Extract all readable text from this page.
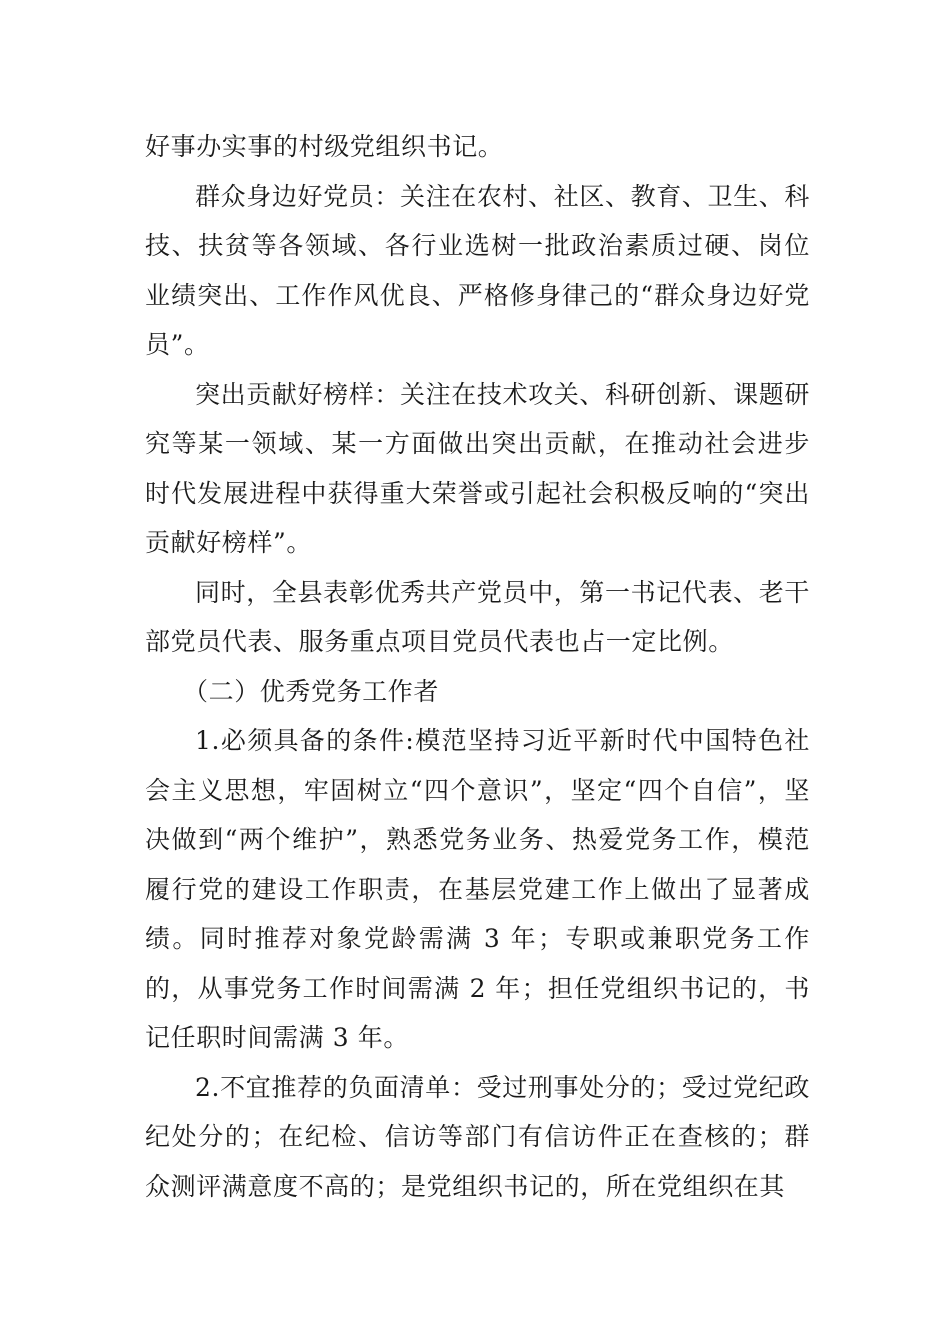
好事办实事的村级党组织书记。

群众身边好党员：关注在农村、社区、教育、卫生、科技、扶贫等各领域、各行业选树一批政治素质过硬、岗位业绩突出、工作作风优良、严格修身律己的“群众身边好党员”。

突出贡献好榜样：关注在技术攻关、科研创新、课题研究等某一领域、某一方面做出突出贡献，在推动社会进步时代发展进程中获得重大荣誉或引起社会积极反响的“突出贡献好榜样”。

同时，全县表彰优秀共产党员中，第一书记代表、老干部党员代表、服务重点项目党员代表也占一定比例。

（二）优秀党务工作者

1.必须具备的条件:模范坚持习近平新时代中国特色社会主义思想，牢固树立“四个意识”，坚定“四个自信”，坚决做到“两个维护”，熟悉党务业务、热爱党务工作，模范履行党的建设工作职责，在基层党建工作上做出了显著成绩。同时推荐对象党龄需满 3 年；专职或兼职党务工作的，从事党务工作时间需满 2 年；担任党组织书记的，书记任职时间需满 3 年。

2.不宜推荐的负面清单：受过刑事处分的；受过党纪政纪处分的；在纪检、信访等部门有信访件正在查核的；群众测评满意度不高的；是党组织书记的，所在党组织在其
